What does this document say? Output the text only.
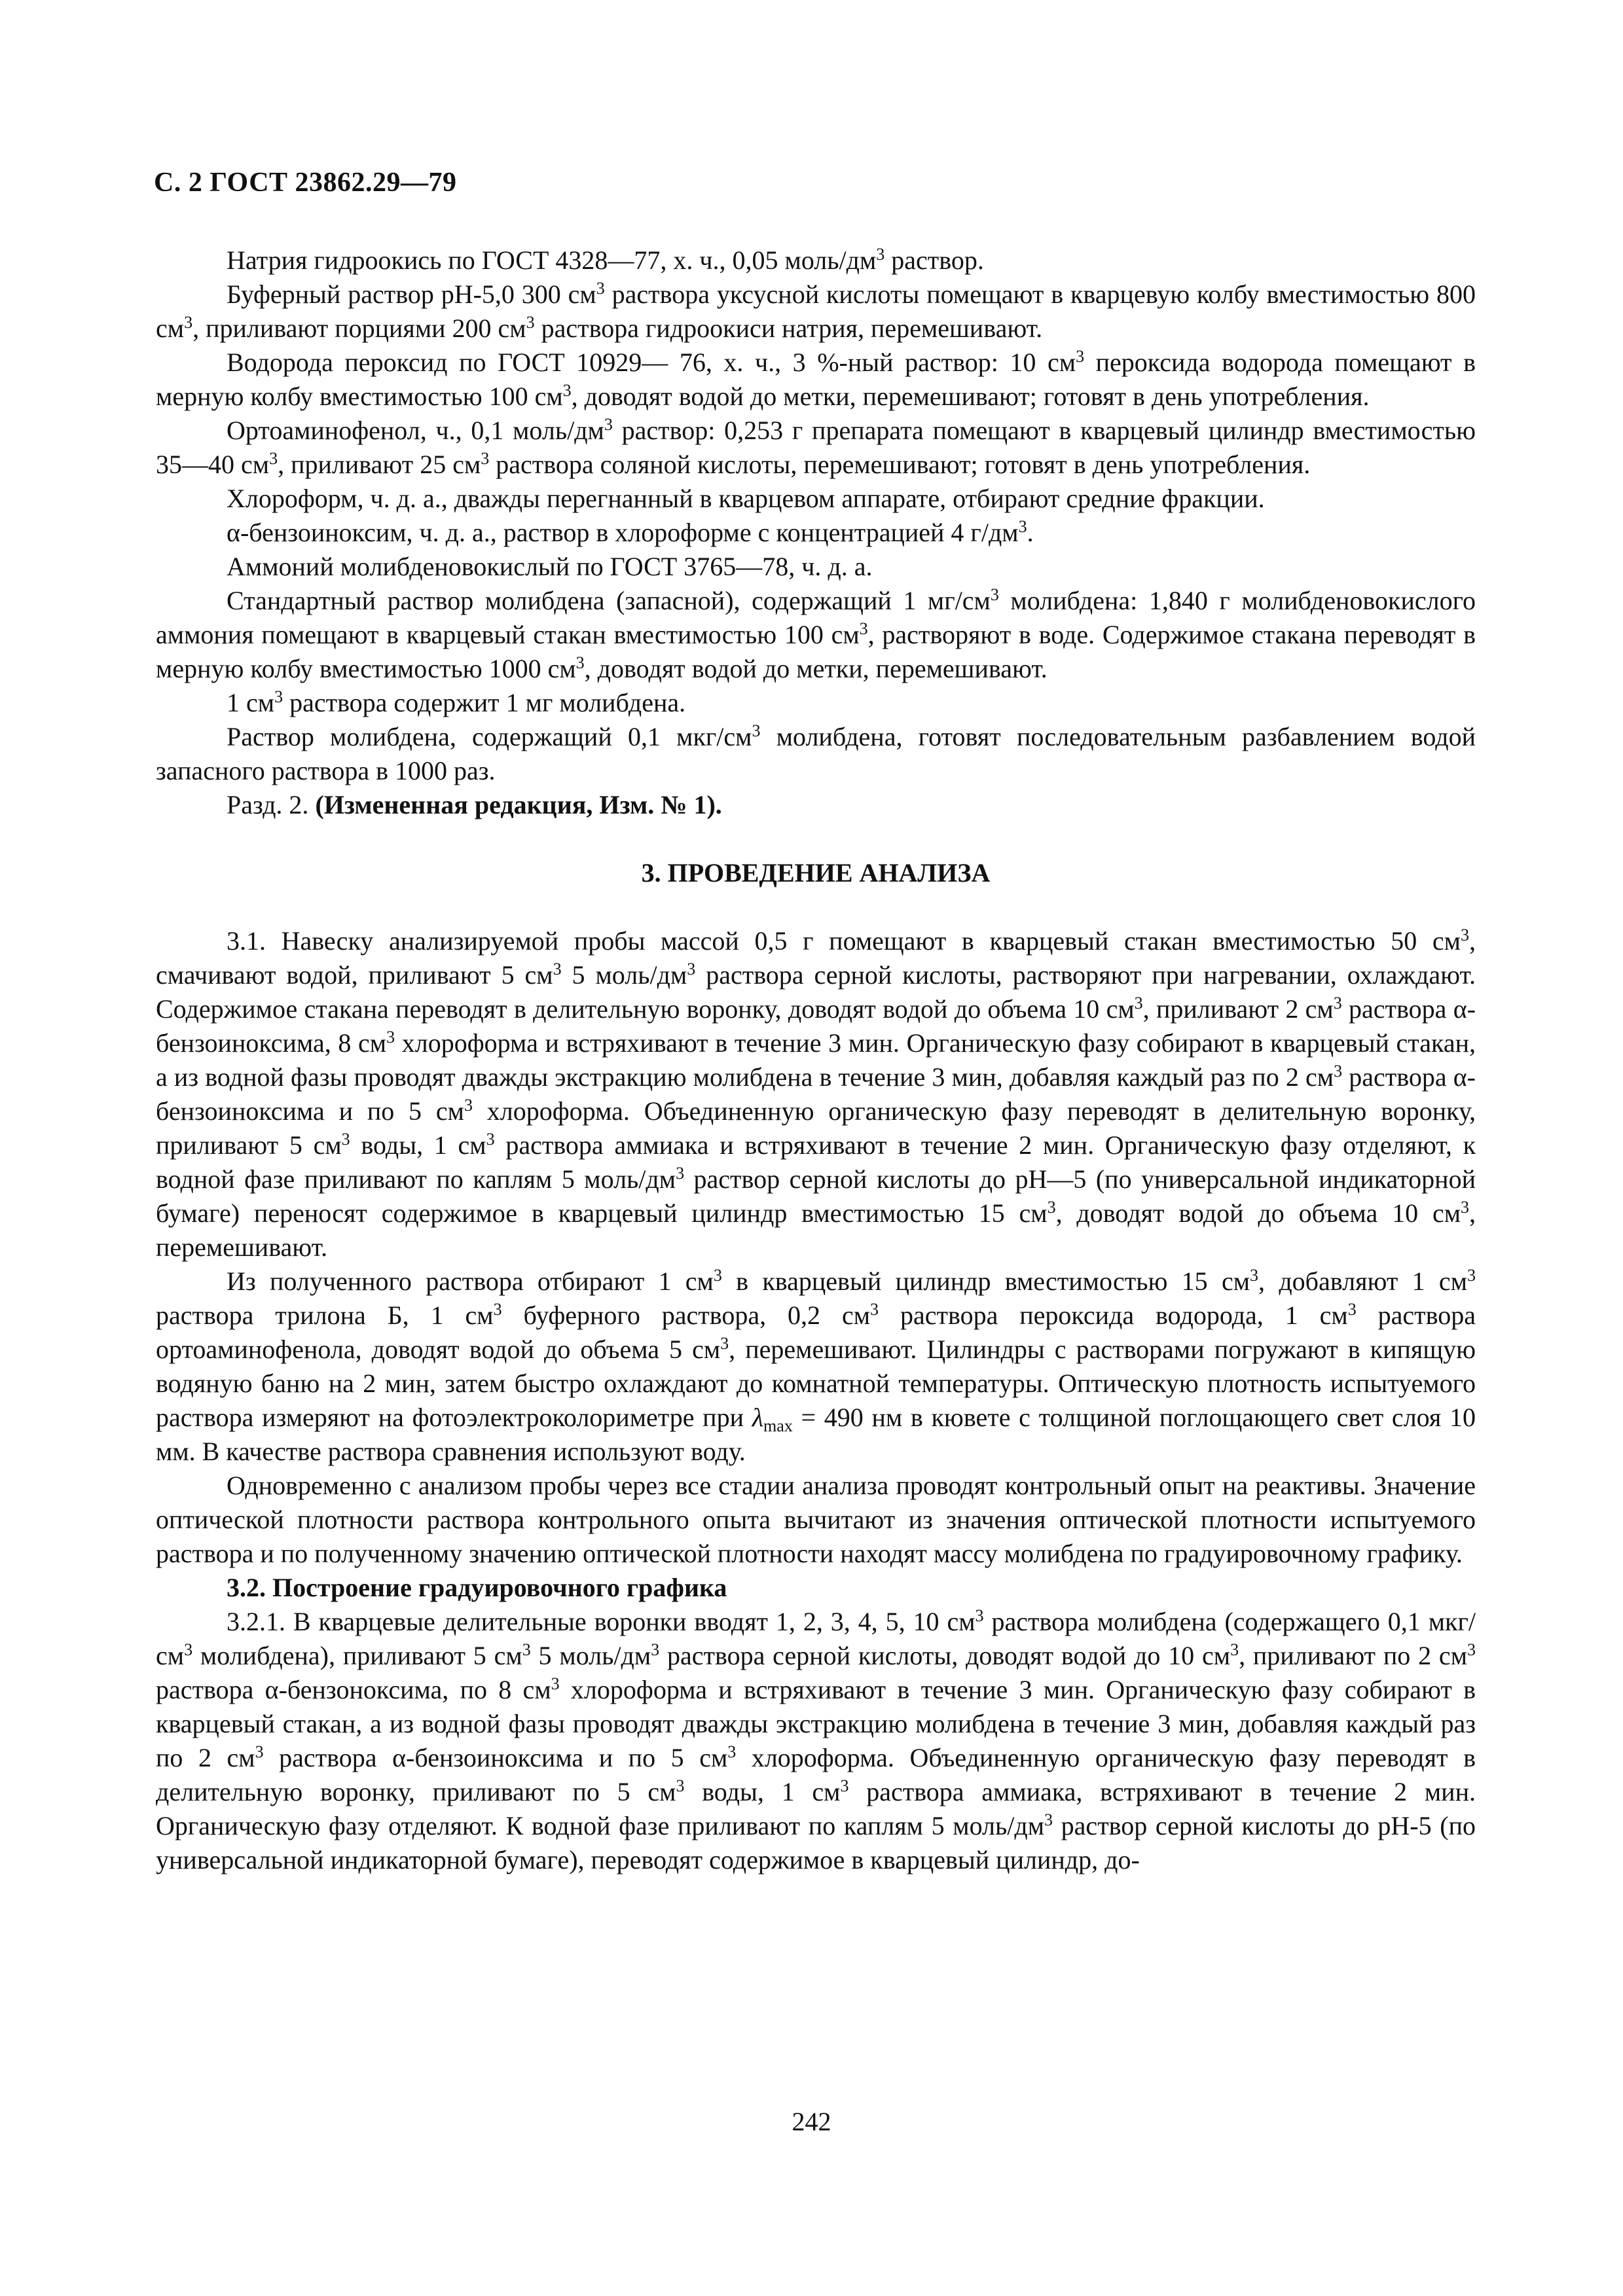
С. 2 ГОСТ 23862.29—79

Натрия гидроокись по ГОСТ 4328—77, х. ч., 0,05 моль/$дм^3$ раствор.

Буферный раствор рН-5,0 300 $см^3$ раствора уксусной кислоты помещают в кварцевую колбу вместимостью 800 $см^3$, приливают порциями 200 $см^3$ раствора гидроокиси натрия, перемешивают.

Водорода пероксид по ГОСТ 10929— 76, х. ч., 3 %-ный раствор: 10 $см^3$ пероксида водорода помещают в мерную колбу вместимостью 100 $см^3$, доводят водой до метки, перемешивают; готовят в день употребления.

Ортоаминофенол, ч., 0,1 моль/$дм^3$ раствор: 0,253 г препарата помещают в кварцевый цилиндр вместимостью 35—40 $см^3$, приливают 25 $см^3$ раствора соляной кислоты, перемешивают; готовят в день употребления.

Хлороформ, ч. д. а., дважды перегнанный в кварцевом аппарате, отбирают средние фракции.

α-бензоиноксим, ч. д. а., раствор в хлороформе с концентрацией 4 $г/дм^3$.

Аммоний молибденовокислый по ГОСТ 3765—78, ч. д. а.

Стандартный раствор молибдена (запасной), содержащий 1 $мг/см^3$ молибдена: 1,840 г молибденовокислого аммония помещают в кварцевый стакан вместимостью 100 $см^3$, растворяют в воде. Содержимое стакана переводят в мерную колбу вместимостью 1000 $см^3$, доводят водой до метки, перемешивают.

1 $см^3$ раствора содержит 1 мг молибдена.

Раствор молибдена, содержащий 0,1 мкг/$см^3$ молибдена, готовят последовательным разбавлением водой запасного раствора в 1000 раз.

Разд. 2. (Измененная редакция, Изм. № 1).

3. ПРОВЕДЕНИЕ АНАЛИЗА

3.1. Навеску анализируемой пробы массой 0,5 г помещают в кварцевый стакан вместимостью 50 $см^3$, смачивают водой, приливают 5 $см^3$ 5 моль/$дм^3$ раствора серной кислоты, растворяют при нагревании, охлаждают. Содержимое стакана переводят в делительную воронку, доводят водой до объема 10 $см^3$, приливают 2 $см^3$ раствора α-бензоиноксима, 8 $см^3$ хлороформа и встряхивают в течение 3 мин. Органическую фазу собирают в кварцевый стакан, а из водной фазы проводят дважды экстракцию молибдена в течение 3 мин, добавляя каждый раз по 2 $см^3$ раствора α-бензоиноксима и по 5 $см^3$ хлороформа. Объединенную органическую фазу переводят в делительную воронку, приливают 5 $см^3$ воды, 1 $см^3$ раствора аммиака и встряхивают в течение 2 мин. Органическую фазу отделяют, к водной фазе приливают по каплям 5 моль/$дм^3$ раствор серной кислоты до рН—5 (по универсальной индикаторной бумаге) переносят содержимое в кварцевый цилиндр вместимостью 15 $см^3$, доводят водой до объема 10 $см^3$, перемешивают.

Из полученного раствора отбирают 1 $см^3$ в кварцевый цилиндр вместимостью 15 $см^3$, добавляют 1 $см^3$ раствора трилона Б, 1 $см^3$ буферного раствора, 0,2 $см^3$ раствора пероксида водорода, 1 $см^3$ раствора ортоаминофенола, доводят водой до объема 5 $см^3$, перемешивают. Цилиндры с растворами погружают в кипящую водяную баню на 2 мин, затем быстро охлаждают до комнатной температуры. Оптическую плотность испытуемого раствора измеряют на фотоэлектроколориметре при $\lambda_{max} = 490$ нм в кювете с толщиной поглощающего свет слоя 10 мм. В качестве раствора сравнения используют воду.

Одновременно с анализом пробы через все стадии анализа проводят контрольный опыт на реактивы. Значение оптической плотности раствора контрольного опыта вычитают из значения оптической плотности испытуемого раствора и по полученному значению оптической плотности находят массу молибдена по градуировочному графику.

3.2. Построение градуировочного графика

3.2.1. В кварцевые делительные воронки вводят 1, 2, 3, 4, 5, 10 $см^3$ раствора молибдена (содержащего 0,1 мкг/$см^3$ молибдена), приливают 5 $см^3$ 5 моль/$дм^3$ раствора серной кислоты, доводят водой до 10 $см^3$, приливают по 2 $см^3$ раствора α-бензоноксима, по 8 $см^3$ хлороформа и встряхивают в течение 3 мин. Органическую фазу собирают в кварцевый стакан, а из водной фазы проводят дважды экстракцию молибдена в течение 3 мин, добавляя каждый раз по 2 $см^3$ раствора α-бензоиноксима и по 5 $см^3$ хлороформа. Объединенную органическую фазу переводят в делительную воронку, приливают по 5 $см^3$ воды, 1 $см^3$ раствора аммиака, встряхивают в течение 2 мин. Органическую фазу отделяют. К водной фазе приливают по каплям 5 моль/$дм^3$ раствор серной кислоты до рН-5 (по универсальной индикаторной бумаге), переводят содержимое в кварцевый цилиндр, до-

242
